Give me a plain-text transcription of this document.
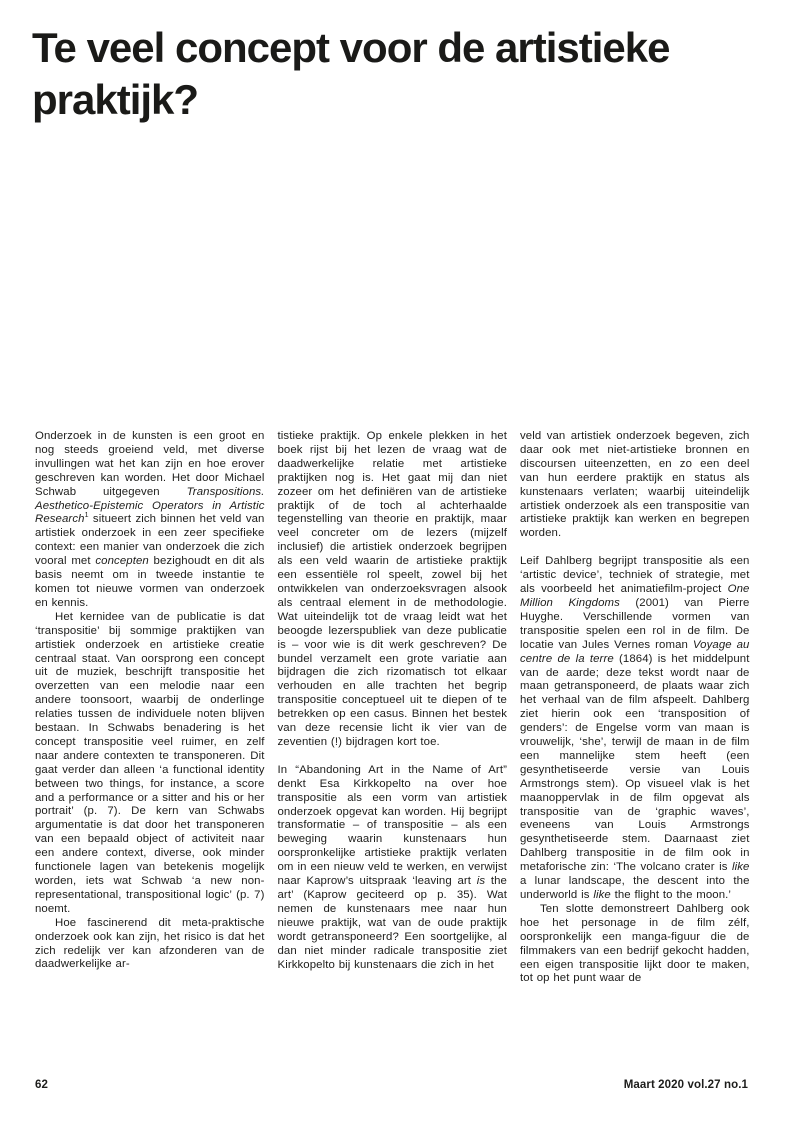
Te veel concept voor de artistieke praktijk?

Onderzoek in de kunsten is een groot en nog steeds groeiend veld, met diverse invullingen wat het kan zijn en hoe erover geschreven kan worden. Het door Michael Schwab uitgegeven Transpositions. Aesthetico-Epistemic Operators in Artistic Research$^1$ situeert zich binnen het veld van artistiek onderzoek in een zeer specifieke context: een manier van onderzoek die zich vooral met concepten bezighoudt en dit als basis neemt om in tweede instantie te komen tot nieuwe vormen van onderzoek en kennis.

Het kernidee van de publicatie is dat ‘transpositie’ bij sommige praktijken van artistiek onderzoek en artistieke creatie centraal staat. Van oorsprong een concept uit de muziek, beschrijft transpositie het overzetten van een melodie naar een andere toonsoort, waarbij de onderlinge relaties tussen de individuele noten blijven bestaan. In Schwabs benadering is het concept transpositie veel ruimer, en zelf naar andere contexten te transponeren. Dit gaat verder dan alleen ‘a functional identity between two things, for instance, a score and a performance or a sitter and his or her portrait’ (p. 7). De kern van Schwabs argumentatie is dat door het transponeren van een bepaald object of activiteit naar een andere context, diverse, ook minder functionele lagen van betekenis mogelijk worden, iets wat Schwab ‘a new non-representational, transpositional logic’ (p. 7) noemt.

Hoe fascinerend dit meta-praktische onderzoek ook kan zijn, het risico is dat het zich redelijk ver kan afzonderen van de daadwerkelijke ar-

tistieke praktijk. Op enkele plekken in het boek rijst bij het lezen de vraag wat de daadwerkelijke relatie met artistieke praktijken nog is. Het gaat mij dan niet zozeer om het definiëren van de artistieke praktijk of de toch al achterhaalde tegenstelling van theorie en praktijk, maar veel concreter om de lezers (mijzelf inclusief) die artistiek onderzoek begrijpen als een veld waarin de artistieke praktijk een essentiële rol speelt, zowel bij het ontwikkelen van onderzoeksvragen alsook als centraal element in de methodologie. Wat uiteindelijk tot de vraag leidt wat het beoogde lezerspubliek van deze publicatie is – voor wie is dit werk geschreven? De bundel verzamelt een grote variatie aan bijdragen die zich rizomatisch tot elkaar verhouden en alle trachten het begrip transpositie conceptueel uit te diepen of te betrekken op een casus. Binnen het bestek van deze recensie licht ik vier van de zeventien (!) bijdragen kort toe.

In “Abandoning Art in the Name of Art” denkt Esa Kirkkopelto na over hoe transpositie als een vorm van artistiek onderzoek opgevat kan worden. Hij begrijpt transformatie – of transpositie – als een beweging waarin kunstenaars hun oorspronkelijke artistieke praktijk verlaten om in een nieuw veld te werken, en verwijst naar Kaprow’s uitspraak ‘leaving art is the art’ (Kaprow geciteerd op p. 35). Wat nemen de kunstenaars mee naar hun nieuwe praktijk, wat van de oude praktijk wordt getransponeerd? Een soortgelijke, al dan niet minder radicale transpositie ziet Kirkkopelto bij kunstenaars die zich in het

veld van artistiek onderzoek begeven, zich daar ook met niet-artistieke bronnen en discoursen uiteenzetten, en zo een deel van hun eerdere praktijk en status als kunstenaars verlaten; waarbij uiteindelijk artistiek onderzoek als een transpositie van artistieke praktijk kan werken en begrepen worden.

Leif Dahlberg begrijpt transpositie als een ‘artistic device’, techniek of strategie, met als voorbeeld het animatiefilm-project One Million Kingdoms (2001) van Pierre Huyghe. Verschillende vormen van transpositie spelen een rol in de film. De locatie van Jules Vernes roman Voyage au centre de la terre (1864) is het middelpunt van de aarde; deze tekst wordt naar de maan getransponeerd, de plaats waar zich het verhaal van de film afspeelt. Dahlberg ziet hierin ook een ‘transposition of genders’: de Engelse vorm van maan is vrouwelijk, ‘she’, terwijl de maan in de film een mannelijke stem heeft (een gesynthetiseerde versie van Louis Armstrongs stem). Op visueel vlak is het maanoppervlak in de film opgevat als transpositie van de ‘graphic waves’, eveneens van Louis Armstrongs gesynthetiseerde stem. Daarnaast ziet Dahlberg transpositie in de film ook in metaforische zin: ‘The volcano crater is like a lunar landscape, the descent into the underworld is like the flight to the moon.’

Ten slotte demonstreert Dahlberg ook hoe het personage in de film zélf, oorspronkelijk een manga-figuur die de filmmakers van een bedrijf gekocht hadden, een eigen transpositie lijkt door te maken, tot op het punt waar de

62	Maart 2020 vol.27 no.1
